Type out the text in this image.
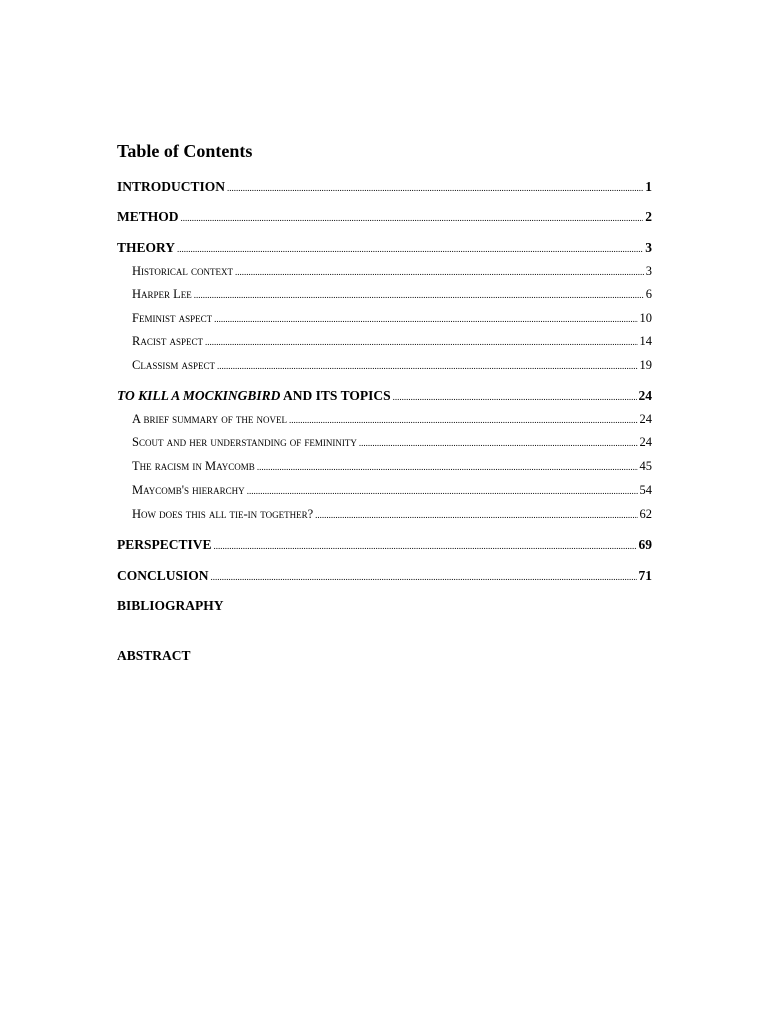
Table of Contents
INTRODUCTION .....	1
METHOD .....	2
THEORY .....	3
Historical context .....	3
Harper Lee .....	6
Feminist aspect .....	10
Racist aspect .....	14
Classism aspect .....	19
TO KILL A MOCKINGBIRD AND ITS TOPICS .....	24
A brief summary of the novel .....	24
Scout and her understanding of femininity .....	24
The racism in Maycomb .....	45
Maycomb's hierarchy .....	54
How does this all tie-in together? .....	62
PERSPECTIVE .....	69
CONCLUSION .....	71
BIBLIOGRAPHY
ABSTRACT
